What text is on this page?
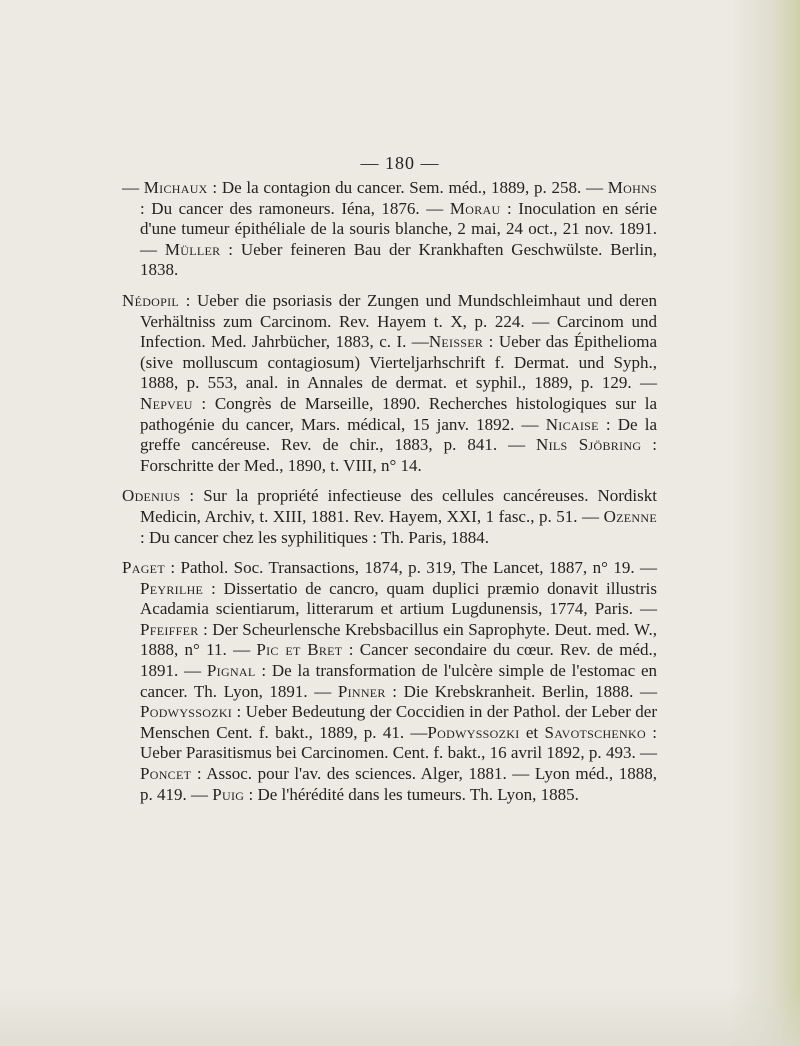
— 180 —

— Michaux : De la contagion du cancer. Sem. méd., 1889, p. 258. — Mohns : Du cancer des ramoneurs. Iéna, 1876. — Morau : Inoculation en série d'une tumeur épithéliale de la souris blanche, 2 mai, 24 oct., 21 nov. 1891. — Müller : Ueber feineren Bau der Krankhaften Geschwülste. Berlin, 1838.

Nédopil : Ueber die psoriasis der Zungen und Mundschleimhaut und deren Verhältniss zum Carcinom. Rev. Hayem t. X, p. 224. — Carcinom und Infection. Med. Jahrbücher, 1883, c. I. —Neisser : Ueber das Épithelioma (sive molluscum contagiosum) Vierteljarhschrift f. Dermat. und Syph., 1888, p. 553, anal. in Annales de dermat. et syphil., 1889, p. 129. — Nepveu : Congrès de Marseille, 1890. Recherches histologiques sur la pathogénie du cancer, Mars. médical, 15 janv. 1892. — Nicaise : De la greffe cancéreuse. Rev. de chir., 1883, p. 841. — Nils Sjöbring : Forschritte der Med., 1890, t. VIII, n° 14.

Odenius : Sur la propriété infectieuse des cellules cancéreuses. Nordiskt Medicin, Archiv, t. XIII, 1881. Rev. Hayem, XXI, 1 fasc., p. 51. — Ozenne : Du cancer chez les syphilitiques : Th. Paris, 1884.

Paget : Pathol. Soc. Transactions, 1874, p. 319, The Lancet, 1887, n° 19. — Peyrilhe : Dissertatio de cancro, quam duplici præmio donavit illustris Acadamia scientiarum, litterarum et artium Lugdunensis, 1774, Paris. — Pfeiffer : Der Scheurlensche Krebsbacillus ein Saprophyte. Deut. med. W., 1888, n° 11. — Pic et Bret : Cancer secondaire du cœur. Rev. de méd., 1891. — Pignal : De la transformation de l'ulcère simple de l'estomac en cancer. Th. Lyon, 1891. — Pinner : Die Krebskranheit. Berlin, 1888. — Podwyssozki : Ueber Bedeutung der Coccidien in der Pathol. der Leber der Menschen Cent. f. bakt., 1889, p. 41. —Podwyssozki et Savotschenko : Ueber Parasitismus bei Carcinomen. Cent. f. bakt., 16 avril 1892, p. 493. — Poncet : Assoc. pour l'av. des sciences. Alger, 1881. — Lyon méd., 1888, p. 419. — Puig : De l'hérédité dans les tumeurs. Th. Lyon, 1885.
